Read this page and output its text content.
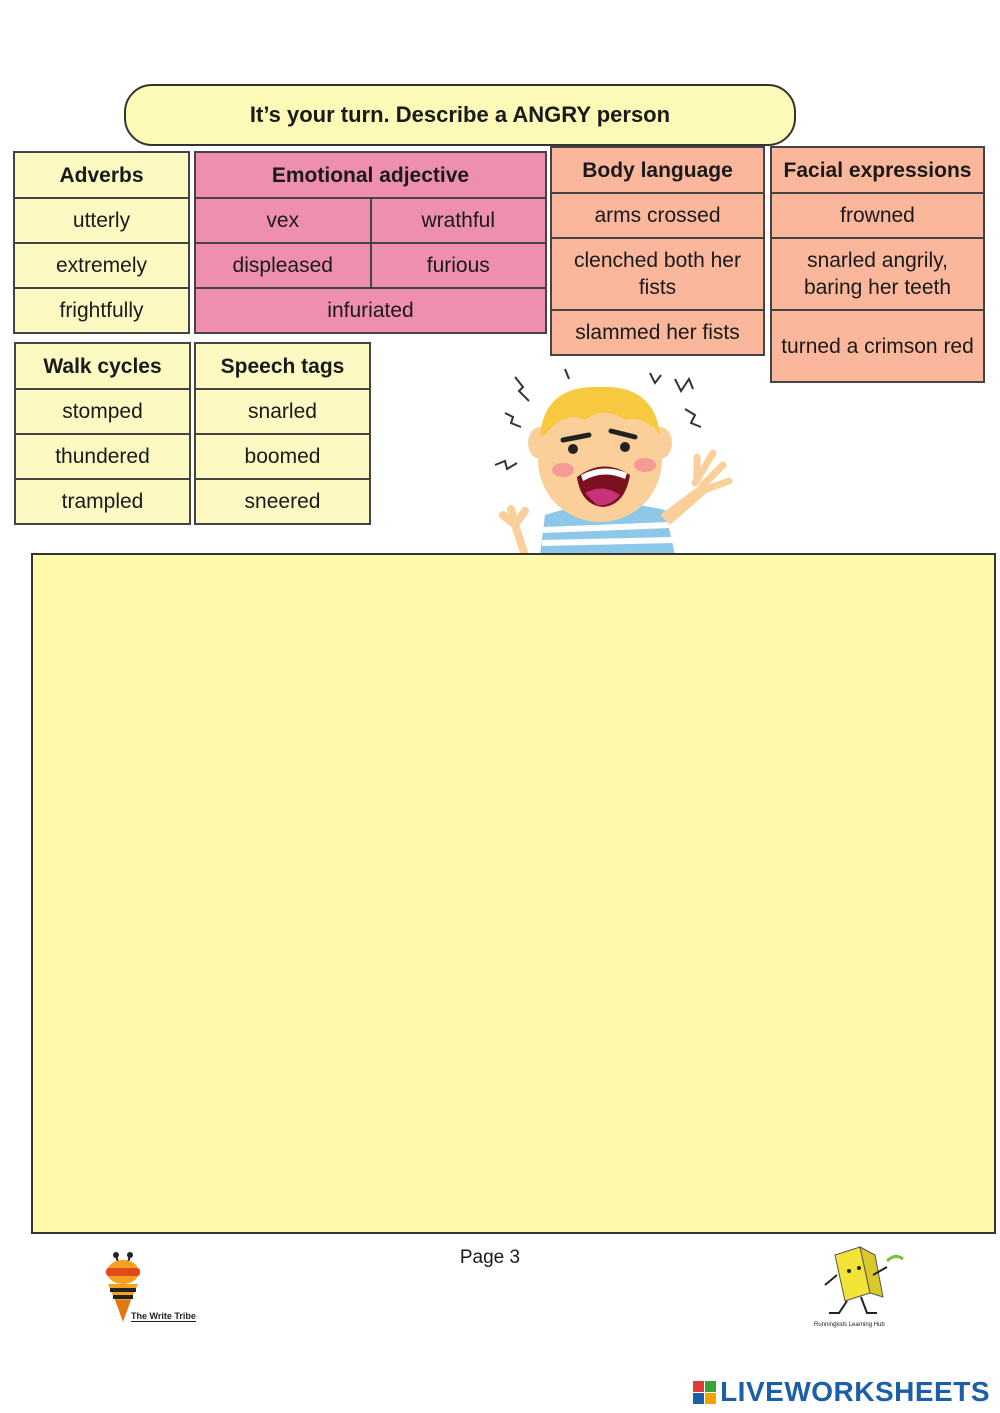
It’s your turn. Describe a ANGRY person
Adverbs
utterly
extremely
frightfully
Emotional adjective	
vex	wrathful
displeased	furious
infuriated	
Body language
arms crossed
clenched both her fists
slammed her fists
Facial expressions
frowned
snarled angrily, baring her teeth
turned a crimson red
Walk cycles
stomped
thundered
trampled
Speech tags
snarled
boomed
sneered
Page 3
The Write Tribe
Runningkids Learning Hub
LIVEWORKSHEETS
